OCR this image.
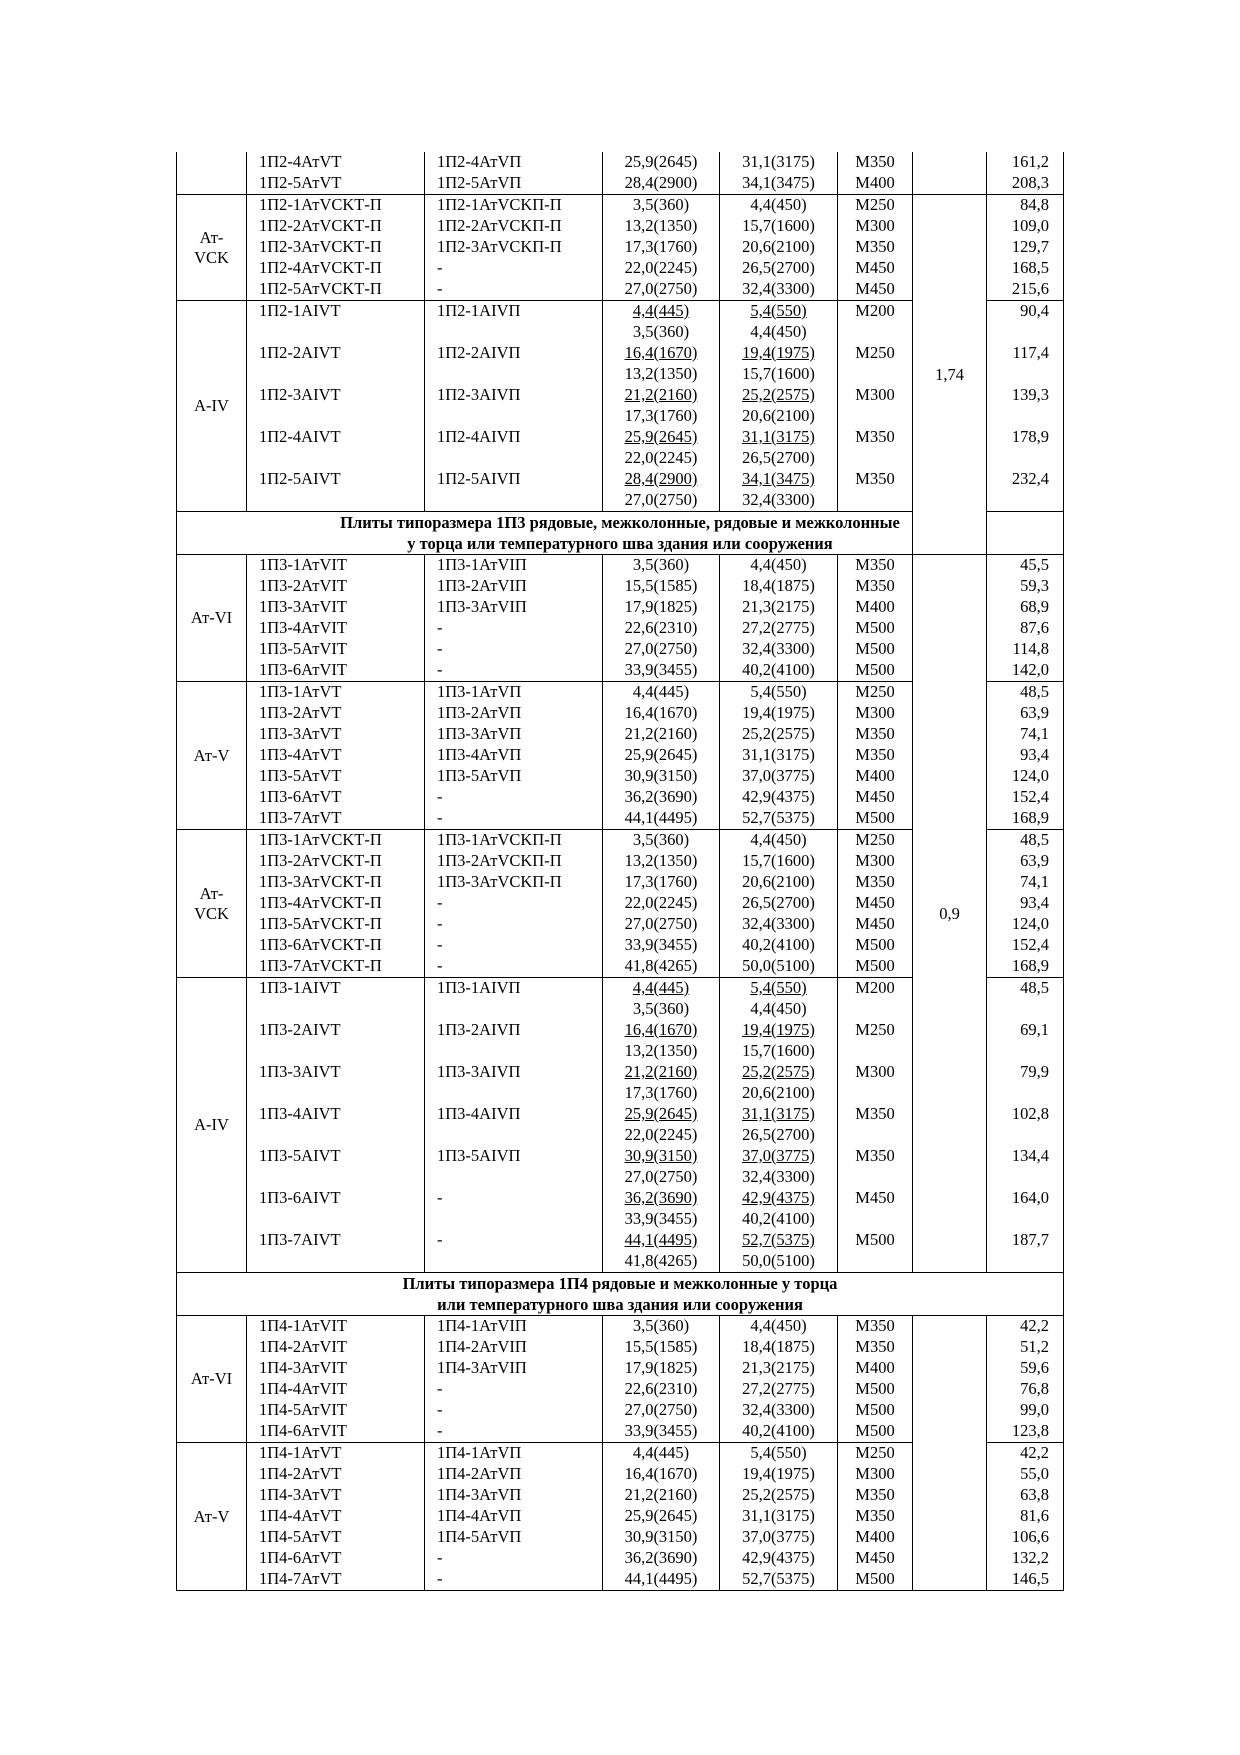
	1П2-4АтVТ	1П2-4АтVП	25,9(2645)	31,1(3175)	М350		161,2
	1П2-5АтVТ	1П2-5АтVП	28,4(2900)	34,1(3475)	М400		208,3
Ат-
VCK	1П2-1АтVCKТ-П	1П2-1АтVCKП-П	3,5(360)	4,4(450)	М250	1,74	84,8
	1П2-2АтVCKТ-П	1П2-2АтVCKП-П	13,2(1350)	15,7(1600)	М300		109,0
	1П2-3АтVCKТ-П	1П2-3АтVCKП-П	17,3(1760)	20,6(2100)	М350		129,7
	1П2-4АтVCKТ-П	-	22,0(2245)	26,5(2700)	М450		168,5
	1П2-5АтVCKТ-П	-	27,0(2750)	32,4(3300)	М450		215,6
А-IV	1П2-1АIVТ	1П2-1АIVП	4,4(445)	5,4(550)	М200		90,4
			3,5(360)	4,4(450)			
	1П2-2АIVТ	1П2-2АIVП	16,4(1670)	19,4(1975)	М250		117,4
			13,2(1350)	15,7(1600)			
	1П2-3АIVТ	1П2-3АIVП	21,2(2160)	25,2(2575)	М300		139,3
			17,3(1760)	20,6(2100)			
	1П2-4АIVТ	1П2-4АIVП	25,9(2645)	31,1(3175)	М350		178,9
			22,0(2245)	26,5(2700)			
	1П2-5АIVТ	1П2-5АIVП	28,4(2900)	34,1(3475)	М350		232,4
			27,0(2750)	32,4(3300)			
Плиты типоразмера 1П3 рядовые, межколонные, рядовые и межколонные
у торца или температурного шва здания или сооружения							
Ат-VI	1П3-1АтVIТ	1П3-1АтVIП	3,5(360)	4,4(450)	М350	0,9	45,5
	1П3-2АтVIТ	1П3-2АтVIП	15,5(1585)	18,4(1875)	М350		59,3
	1П3-3АтVIТ	1П3-3АтVIП	17,9(1825)	21,3(2175)	М400		68,9
	1П3-4АтVIТ	-	22,6(2310)	27,2(2775)	М500		87,6
	1П3-5АтVIТ	-	27,0(2750)	32,4(3300)	М500		114,8
	1П3-6АтVIТ	-	33,9(3455)	40,2(4100)	М500		142,0
Ат-V	1П3-1АтVТ	1П3-1АтVП	4,4(445)	5,4(550)	М250		48,5
	1П3-2АтVТ	1П3-2АтVП	16,4(1670)	19,4(1975)	М300		63,9
	1П3-3АтVТ	1П3-3АтVП	21,2(2160)	25,2(2575)	М350		74,1
	1П3-4АтVТ	1П3-4АтVП	25,9(2645)	31,1(3175)	М350		93,4
	1П3-5АтVТ	1П3-5АтVП	30,9(3150)	37,0(3775)	М400		124,0
	1П3-6АтVТ	-	36,2(3690)	42,9(4375)	М450		152,4
	1П3-7АтVТ	-	44,1(4495)	52,7(5375)	М500		168,9
Ат-
VCK	1П3-1АтVCKТ-П	1П3-1АтVCKП-П	3,5(360)	4,4(450)	М250		48,5
	1П3-2АтVCKТ-П	1П3-2АтVCKП-П	13,2(1350)	15,7(1600)	М300		63,9
	1П3-3АтVCKТ-П	1П3-3АтVCKП-П	17,3(1760)	20,6(2100)	М350		74,1
	1П3-4АтVCKТ-П	-	22,0(2245)	26,5(2700)	М450		93,4
	1П3-5АтVCKТ-П	-	27,0(2750)	32,4(3300)	М450		124,0
	1П3-6АтVCKТ-П	-	33,9(3455)	40,2(4100)	М500		152,4
	1П3-7АтVCKТ-П	-	41,8(4265)	50,0(5100)	М500		168,9
А-IV	1П3-1АIVТ	1П3-1АIVП	4,4(445)	5,4(550)	М200		48,5
			3,5(360)	4,4(450)			
	1П3-2АIVТ	1П3-2АIVП	16,4(1670)	19,4(1975)	М250		69,1
			13,2(1350)	15,7(1600)			
	1П3-3АIVТ	1П3-3АIVП	21,2(2160)	25,2(2575)	М300		79,9
			17,3(1760)	20,6(2100)			
	1П3-4АIVТ	1П3-4АIVП	25,9(2645)	31,1(3175)	М350		102,8
			22,0(2245)	26,5(2700)			
	1П3-5АIVТ	1П3-5АIVП	30,9(3150)	37,0(3775)	М350		134,4
			27,0(2750)	32,4(3300)			
	1П3-6АIVТ	-	36,2(3690)	42,9(4375)	М450		164,0
			33,9(3455)	40,2(4100)			
	1П3-7АIVТ	-	44,1(4495)	52,7(5375)	М500		187,7
			41,8(4265)	50,0(5100)			
Плиты типоразмера 1П4 рядовые и межколонные у торца
или температурного шва здания или сооружения							
Ат-VI	1П4-1АтVIТ	1П4-1АтVIП	3,5(360)	4,4(450)	М350		42,2
	1П4-2АтVIТ	1П4-2АтVIП	15,5(1585)	18,4(1875)	М350		51,2
	1П4-3АтVIТ	1П4-3АтVIП	17,9(1825)	21,3(2175)	М400		59,6
	1П4-4АтVIТ	-	22,6(2310)	27,2(2775)	М500		76,8
	1П4-5АтVIТ	-	27,0(2750)	32,4(3300)	М500		99,0
	1П4-6АтVIТ	-	33,9(3455)	40,2(4100)	М500		123,8
Ат-V	1П4-1АтVТ	1П4-1АтVП	4,4(445)	5,4(550)	М250		42,2
	1П4-2АтVТ	1П4-2АтVП	16,4(1670)	19,4(1975)	М300		55,0
	1П4-3АтVТ	1П4-3АтVП	21,2(2160)	25,2(2575)	М350		63,8
	1П4-4АтVТ	1П4-4АтVП	25,9(2645)	31,1(3175)	М350		81,6
	1П4-5АтVТ	1П4-5АтVП	30,9(3150)	37,0(3775)	М400		106,6
	1П4-6АтVТ	-	36,2(3690)	42,9(4375)	М450		132,2
	1П4-7АтVТ	-	44,1(4495)	52,7(5375)	М500		146,5
